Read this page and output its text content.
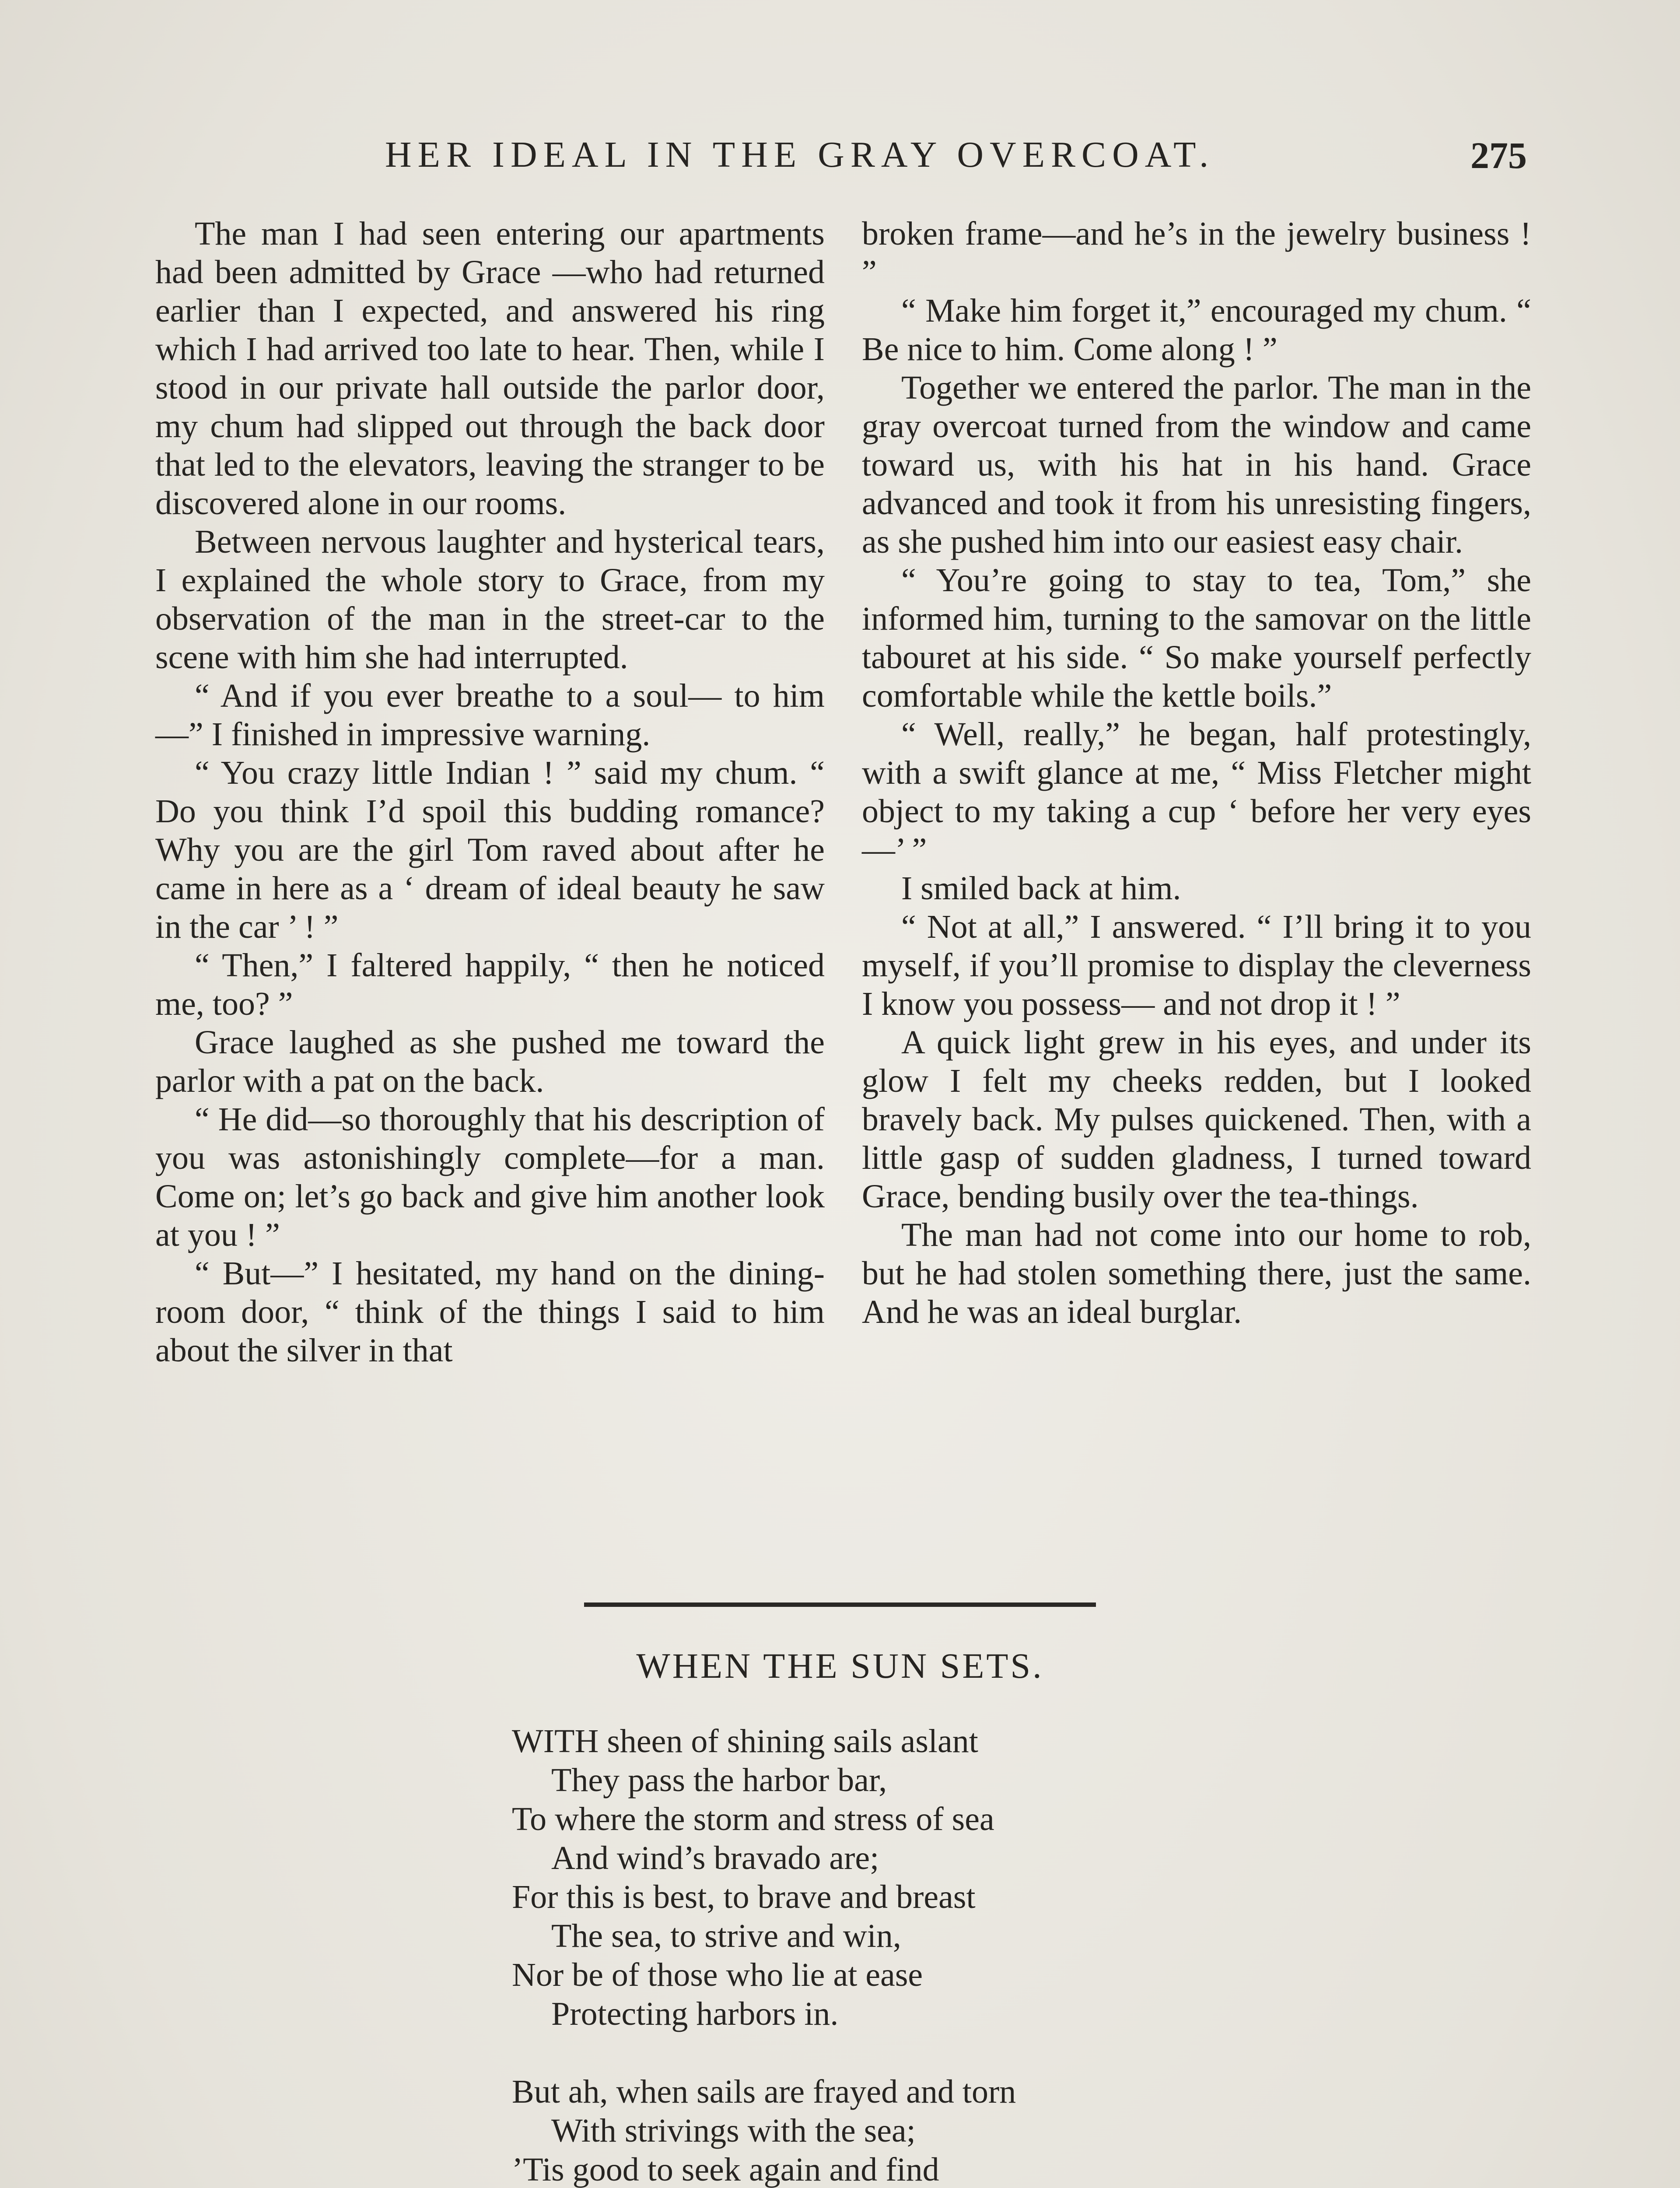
HER IDEAL IN THE GRAY OVERCOAT.	275

The man I had seen entering our apartments had been admitted by Grace —who had returned earlier than I expected, and answered his ring which I had arrived too late to hear. Then, while I stood in our private hall outside the parlor door, my chum had slipped out through the back door that led to the elevators, leaving the stranger to be discovered alone in our rooms.

Between nervous laughter and hysterical tears, I explained the whole story to Grace, from my observation of the man in the street-car to the scene with him she had interrupted.

“ And if you ever breathe to a soul— to him—” I finished in impressive warning.

“ You crazy little Indian ! ” said my chum. “ Do you think I’d spoil this budding romance? Why you are the girl Tom raved about after he came in here as a ‘ dream of ideal beauty he saw in the car ’ ! ”

“ Then,” I faltered happily, “ then he noticed me, too? ”

Grace laughed as she pushed me toward the parlor with a pat on the back.

“ He did—so thoroughly that his description of you was astonishingly complete—for a man. Come on; let’s go back and give him another look at you ! ”

“ But—” I hesitated, my hand on the dining-room door, “ think of the things I said to him about the silver in that

broken frame—and he’s in the jewelry business ! ”

“ Make him forget it,” encouraged my chum. “ Be nice to him. Come along ! ”

Together we entered the parlor. The man in the gray overcoat turned from the window and came toward us, with his hat in his hand. Grace advanced and took it from his unresisting fingers, as she pushed him into our easiest easy chair.

“ You’re going to stay to tea, Tom,” she informed him, turning to the samovar on the little tabouret at his side. “ So make yourself perfectly comfortable while the kettle boils.”

“ Well, really,” he began, half protestingly, with a swift glance at me, “ Miss Fletcher might object to my taking a cup ‘ before her very eyes—’ ”

I smiled back at him.

“ Not at all,” I answered. “ I’ll bring it to you myself, if you’ll promise to display the cleverness I know you possess— and not drop it ! ”

A quick light grew in his eyes, and under its glow I felt my cheeks redden, but I looked bravely back. My pulses quickened. Then, with a little gasp of sudden gladness, I turned toward Grace, bending busily over the tea-things.

The man had not come into our home to rob, but he had stolen something there, just the same. And he was an ideal burglar.

WHEN THE SUN SETS.
WITH sheen of shining sails aslant
They pass the harbor bar,
To where the storm and stress of sea
And wind’s bravado are;
For this is best, to brave and breast
The sea, to strive and win,
Nor be of those who lie at ease
Protecting harbors in.
But ah, when sails are frayed and torn
With strivings with the sea;
’Tis good to seek again and find
